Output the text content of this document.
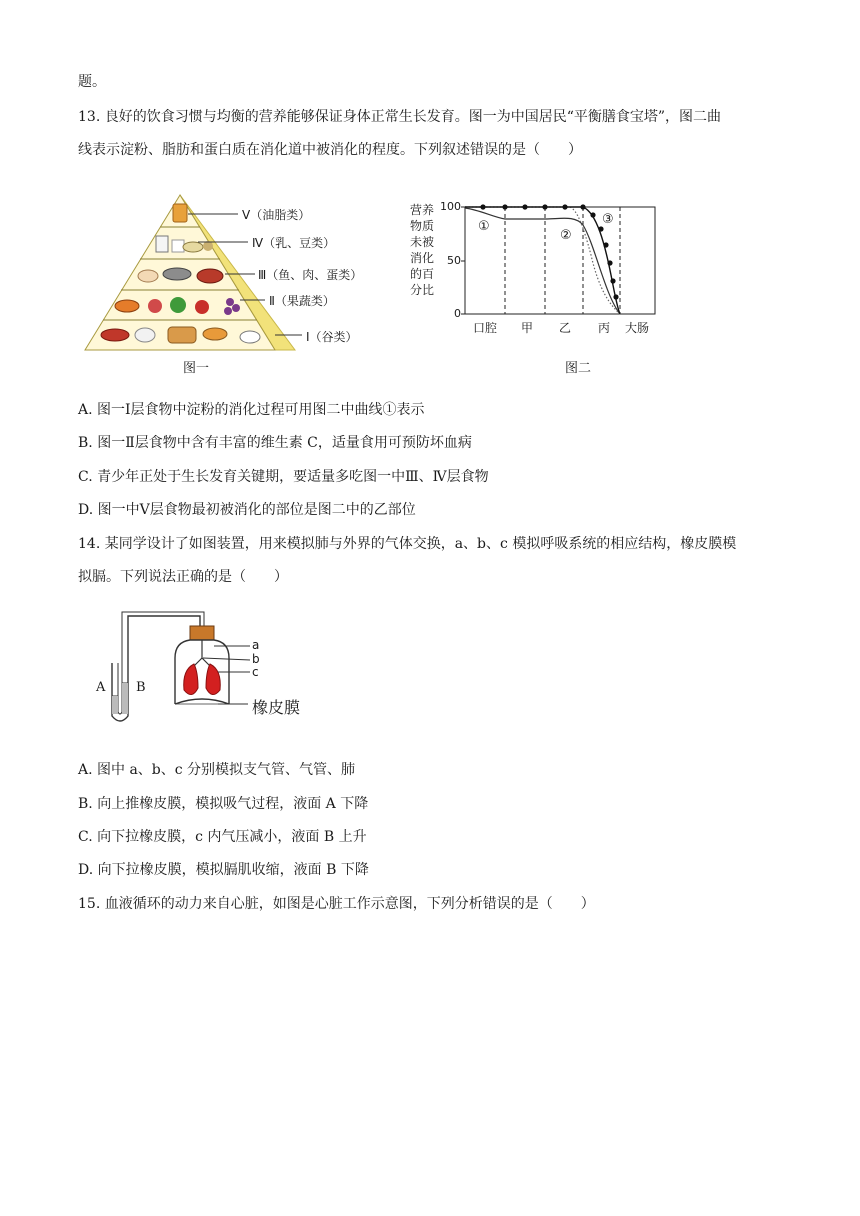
题。
13. 良好的饮食习惯与均衡的营养能够保证身体正常生长发育。图一为中国居民“平衡膳食宝塔”，图二曲
线表示淀粉、脂肪和蛋白质在消化道中被消化的程度。下列叙述错误的是（　　）
Ⅴ（油脂类）
Ⅳ（乳、豆类）
Ⅲ（鱼、肉、蛋类）
Ⅱ（果蔬类）
Ⅰ（谷类）
图一
营养
物质
未被
消化
的百
分比
100
50
0
①
②
③
口腔 甲 乙 丙 大肠
图二
A. 图一Ⅰ层食物中淀粉的消化过程可用图二中曲线①表示
B. 图一Ⅱ层食物中含有丰富的维生素 C，适量食用可预防坏血病
C. 青少年正处于生长发育关键期，要适量多吃图一中Ⅲ、Ⅳ层食物
D. 图一中Ⅴ层食物最初被消化的部位是图二中的乙部位
14. 某同学设计了如图装置，用来模拟肺与外界的气体交换，a、b、c 模拟呼吸系统的相应结构，橡皮膜模
拟膈。下列说法正确的是（　　）
a
b
c
橡皮膜
A B
A. 图中 a、b、c 分别模拟支气管、气管、肺
B. 向上推橡皮膜，模拟吸气过程，液面 A 下降
C. 向下拉橡皮膜，c 内气压减小，液面 B 上升
D. 向下拉橡皮膜，模拟膈肌收缩，液面 B 下降
15. 血液循环的动力来自心脏，如图是心脏工作示意图，下列分析错误的是（　　）
